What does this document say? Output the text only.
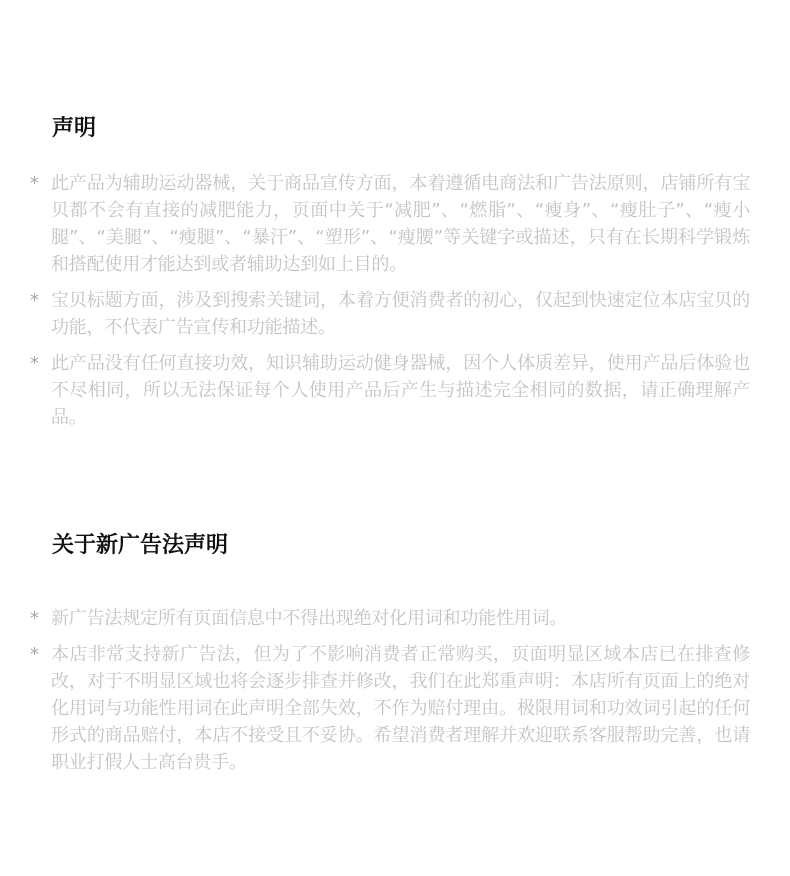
声明
* 此产品为辅助运动器械，关于商品宣传方面，本着遵循电商法和广告法原则，店铺所有宝贝都不会有直接的减肥能力，页面中关于“减肥”、“燃脂”、“瘦身”、“瘦肚子”、“瘦小腿”、“美腿”、“瘦腿”、“暴汗”、“塑形”、“瘦腰”等关键字或描述，只有在长期科学锻炼和搭配使用才能达到或者辅助达到如上目的。
* 宝贝标题方面，涉及到搜索关键词，本着方便消费者的初心，仅起到快速定位本店宝贝的功能，不代表广告宣传和功能描述。
* 此产品没有任何直接功效，知识辅助运动健身器械，因个人体质差异，使用产品后体验也不尽相同，所以无法保证每个人使用产品后产生与描述完全相同的数据，请正确理解产品。
关于新广告法声明
* 新广告法规定所有页面信息中不得出现绝对化用词和功能性用词。
* 本店非常支持新广告法，但为了不影响消费者正常购买，页面明显区域本店已在排查修改，对于不明显区域也将会逐步排查并修改，我们在此郑重声明：本店所有页面上的绝对化用词与功能性用词在此声明全部失效，不作为赔付理由。极限用词和功效词引起的任何形式的商品赔付，本店不接受且不妥协。希望消费者理解并欢迎联系客服帮助完善，也请职业打假人士高台贵手。
